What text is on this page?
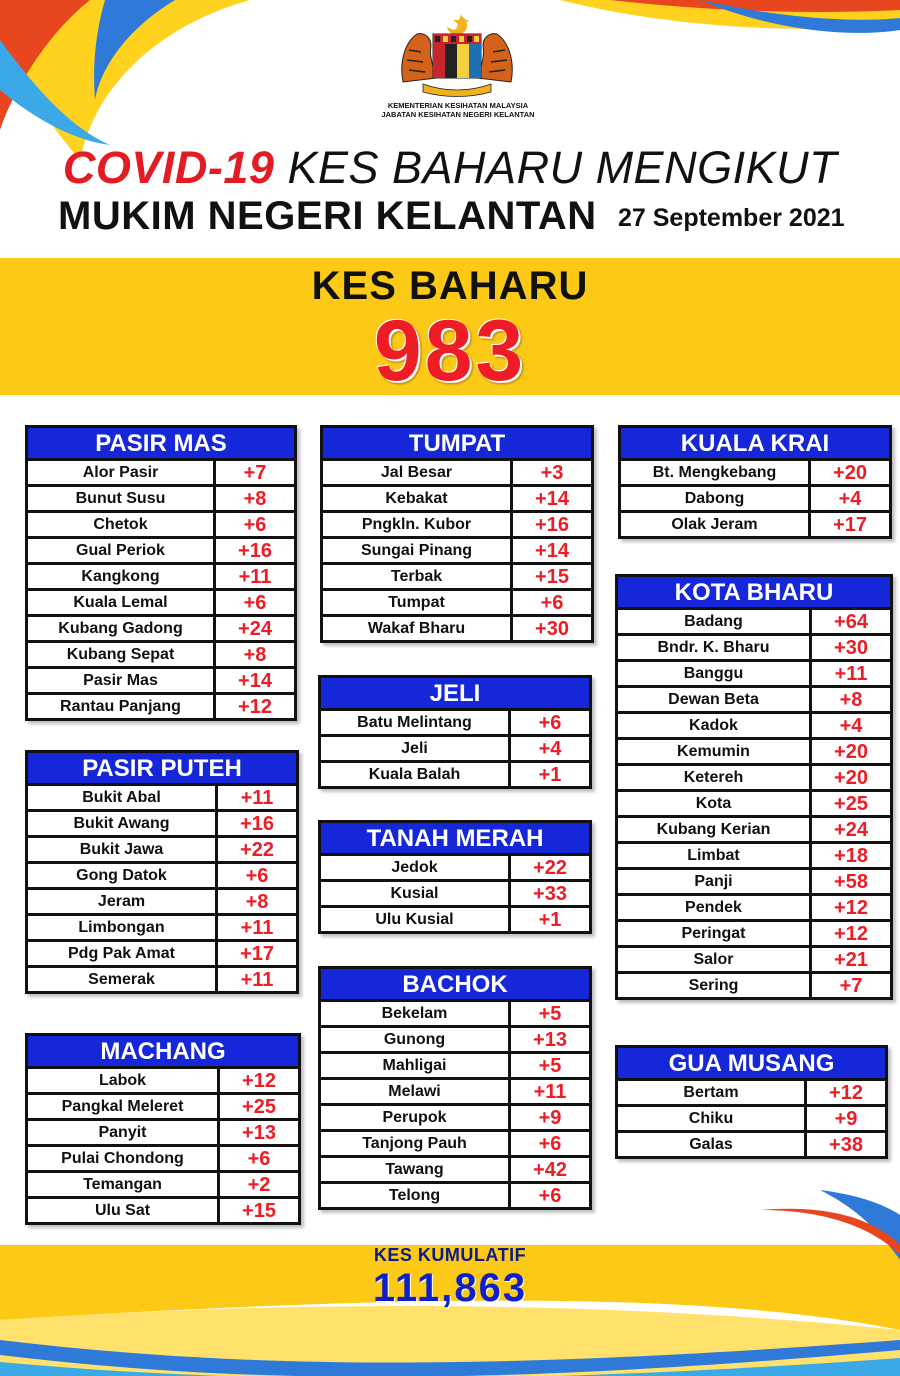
KEMENTERIAN KESIHATAN MALAYSIA
JABATAN KESIHATAN NEGERI KELANTAN
COVID-19 KES BAHARU MENGIKUT
MUKIM NEGERI KELANTAN 27 September 2021
KES BAHARU
983
PASIR MAS
Alor Pasir	+7
Bunut Susu	+8
Chetok	+6
Gual Periok	+16
Kangkong	+11
Kuala Lemal	+6
Kubang Gadong	+24
Kubang Sepat	+8
Pasir Mas	+14
Rantau Panjang	+12
PASIR PUTEH
Bukit Abal	+11
Bukit Awang	+16
Bukit Jawa	+22
Gong Datok	+6
Jeram	+8
Limbongan	+11
Pdg Pak Amat	+17
Semerak	+11
MACHANG
Labok	+12
Pangkal Meleret	+25
Panyit	+13
Pulai Chondong	+6
Temangan	+2
Ulu Sat	+15
TUMPAT
Jal Besar	+3
Kebakat	+14
Pngkln. Kubor	+16
Sungai Pinang	+14
Terbak	+15
Tumpat	+6
Wakaf Bharu	+30
JELI
Batu Melintang	+6
Jeli	+4
Kuala Balah	+1
TANAH MERAH
Jedok	+22
Kusial	+33
Ulu Kusial	+1
BACHOK
Bekelam	+5
Gunong	+13
Mahligai	+5
Melawi	+11
Perupok	+9
Tanjong Pauh	+6
Tawang	+42
Telong	+6
KUALA KRAI
Bt. Mengkebang	+20
Dabong	+4
Olak Jeram	+17
KOTA BHARU
Badang	+64
Bndr. K. Bharu	+30
Banggu	+11
Dewan Beta	+8
Kadok	+4
Kemumin	+20
Ketereh	+20
Kota	+25
Kubang Kerian	+24
Limbat	+18
Panji	+58
Pendek	+12
Peringat	+12
Salor	+21
Sering	+7
GUA MUSANG
Bertam	+12
Chiku	+9
Galas	+38
KES KUMULATIF
111,863
